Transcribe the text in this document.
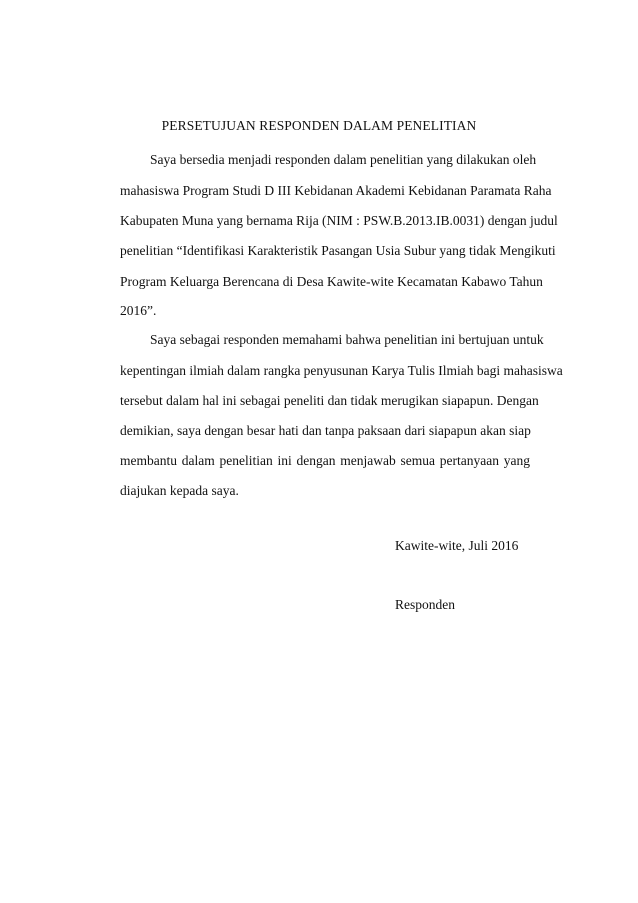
PERSETUJUAN RESPONDEN DALAM PENELITIAN
Saya bersedia menjadi responden dalam penelitian yang dilakukan oleh
mahasiswa Program Studi D III Kebidanan Akademi Kebidanan Paramata Raha
Kabupaten Muna yang bernama Rija (NIM : PSW.B.2013.IB.0031) dengan judul
penelitian “Identifikasi Karakteristik Pasangan Usia Subur yang tidak Mengikuti
Program Keluarga Berencana di Desa Kawite-wite Kecamatan Kabawo Tahun
2016”.
Saya sebagai responden memahami bahwa penelitian ini bertujuan untuk
kepentingan ilmiah dalam rangka penyusunan Karya Tulis Ilmiah bagi mahasiswa
tersebut dalam hal ini sebagai peneliti dan tidak merugikan siapapun. Dengan
demikian, saya dengan besar hati dan tanpa paksaan dari siapapun akan siap
membantu dalam penelitian ini dengan menjawab semua pertanyaan yang
diajukan kepada saya.
Kawite-wite, Juli 2016
Responden
